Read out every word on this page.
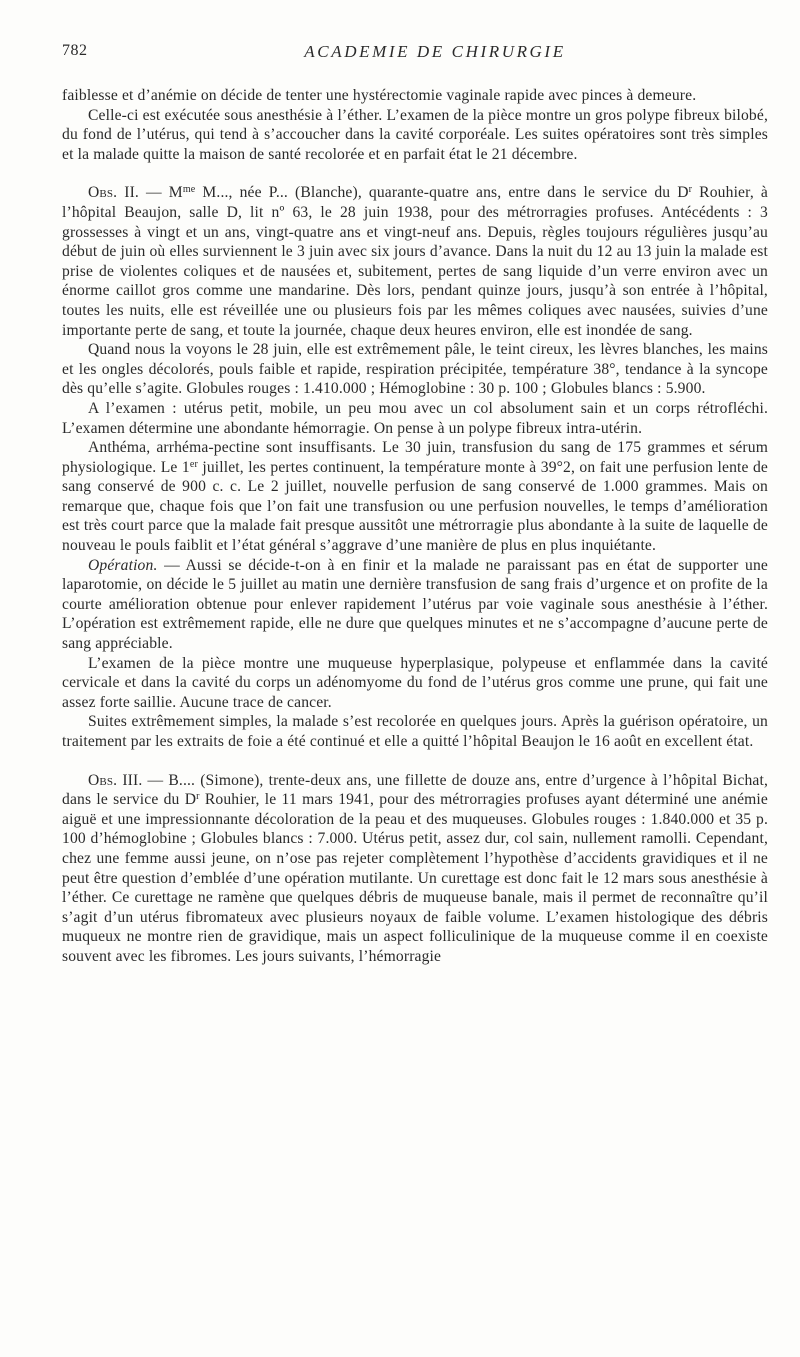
782	ACADEMIE DE CHIRURGIE

faiblesse et d’anémie on décide de tenter une hystérectomie vaginale rapide avec pinces à demeure.

Celle-ci est exécutée sous anesthésie à l’éther. L’examen de la pièce montre un gros polype fibreux bilobé, du fond de l’utérus, qui tend à s’accoucher dans la cavité corporéale. Les suites opératoires sont très simples et la malade quitte la maison de santé recolorée et en parfait état le 21 décembre.

Obs. II. — $M^{me}$ M..., née P... (Blanche), quarante-quatre ans, entre dans le service du $D^r$ Rouhier, à l’hôpital Beaujon, salle D, lit nº 63, le 28 juin 1938, pour des métrorragies profuses. Antécédents : 3 grossesses à vingt et un ans, vingt-quatre ans et vingt-neuf ans. Depuis, règles toujours régulières jusqu’au début de juin où elles surviennent le 3 juin avec six jours d’avance. Dans la nuit du 12 au 13 juin la malade est prise de violentes coliques et de nausées et, subitement, pertes de sang liquide d’un verre environ avec un énorme caillot gros comme une mandarine. Dès lors, pendant quinze jours, jusqu’à son entrée à l’hôpital, toutes les nuits, elle est réveillée une ou plusieurs fois par les mêmes coliques avec nausées, suivies d’une importante perte de sang, et toute la journée, chaque deux heures environ, elle est inondée de sang.

Quand nous la voyons le 28 juin, elle est extrêmement pâle, le teint cireux, les lèvres blanches, les mains et les ongles décolorés, pouls faible et rapide, respiration précipitée, température 38°, tendance à la syncope dès qu’elle s’agite. Globules rouges : 1.410.000 ; Hémoglobine : 30 p. 100 ; Globules blancs : 5.900.

A l’examen : utérus petit, mobile, un peu mou avec un col absolument sain et un corps rétrofléchi. L’examen détermine une abondante hémorragie. On pense à un polype fibreux intra-utérin.

Anthéma, arrhéma-pectine sont insuffisants. Le 30 juin, transfusion du sang de 175 grammes et sérum physiologique. Le 1er juillet, les pertes continuent, la température monte à 39°2, on fait une perfusion lente de sang conservé de 900 c. c. Le 2 juillet, nouvelle perfusion de sang conservé de 1.000 grammes. Mais on remarque que, chaque fois que l’on fait une transfusion ou une perfusion nouvelles, le temps d’amélioration est très court parce que la malade fait presque aussitôt une métrorragie plus abondante à la suite de laquelle de nouveau le pouls faiblit et l’état général s’aggrave d’une manière de plus en plus inquiétante.

Opération. — Aussi se décide-t-on à en finir et la malade ne paraissant pas en état de supporter une laparotomie, on décide le 5 juillet au matin une dernière transfusion de sang frais d’urgence et on profite de la courte amélioration obtenue pour enlever rapidement l’utérus par voie vaginale sous anesthésie à l’éther. L’opération est extrêmement rapide, elle ne dure que quelques minutes et ne s’accompagne d’aucune perte de sang appréciable.

L’examen de la pièce montre une muqueuse hyperplasique, polypeuse et enflammée dans la cavité cervicale et dans la cavité du corps un adénomyome du fond de l’utérus gros comme une prune, qui fait une assez forte saillie. Aucune trace de cancer.

Suites extrêmement simples, la malade s’est recolorée en quelques jours. Après la guérison opératoire, un traitement par les extraits de foie a été continué et elle a quitté l’hôpital Beaujon le 16 août en excellent état.

Obs. III. — B.... (Simone), trente-deux ans, une fillette de douze ans, entre d’urgence à l’hôpital Bichat, dans le service du $D^r$ Rouhier, le 11 mars 1941, pour des métrorragies profuses ayant déterminé une anémie aiguë et une impressionnante décoloration de la peau et des muqueuses. Globules rouges : 1.840.000 et 35 p. 100 d’hémoglobine ; Globules blancs : 7.000. Utérus petit, assez dur, col sain, nullement ramolli. Cependant, chez une femme aussi jeune, on n’ose pas rejeter complètement l’hypothèse d’accidents gravidiques et il ne peut être question d’emblée d’une opération mutilante. Un curettage est donc fait le 12 mars sous anesthésie à l’éther. Ce curettage ne ramène que quelques débris de muqueuse banale, mais il permet de reconnaître qu’il s’agit d’un utérus fibromateux avec plusieurs noyaux de faible volume. L’examen histologique des débris muqueux ne montre rien de gravidique, mais un aspect folliculinique de la muqueuse comme il en coexiste souvent avec les fibromes. Les jours suivants, l’hémorragie
